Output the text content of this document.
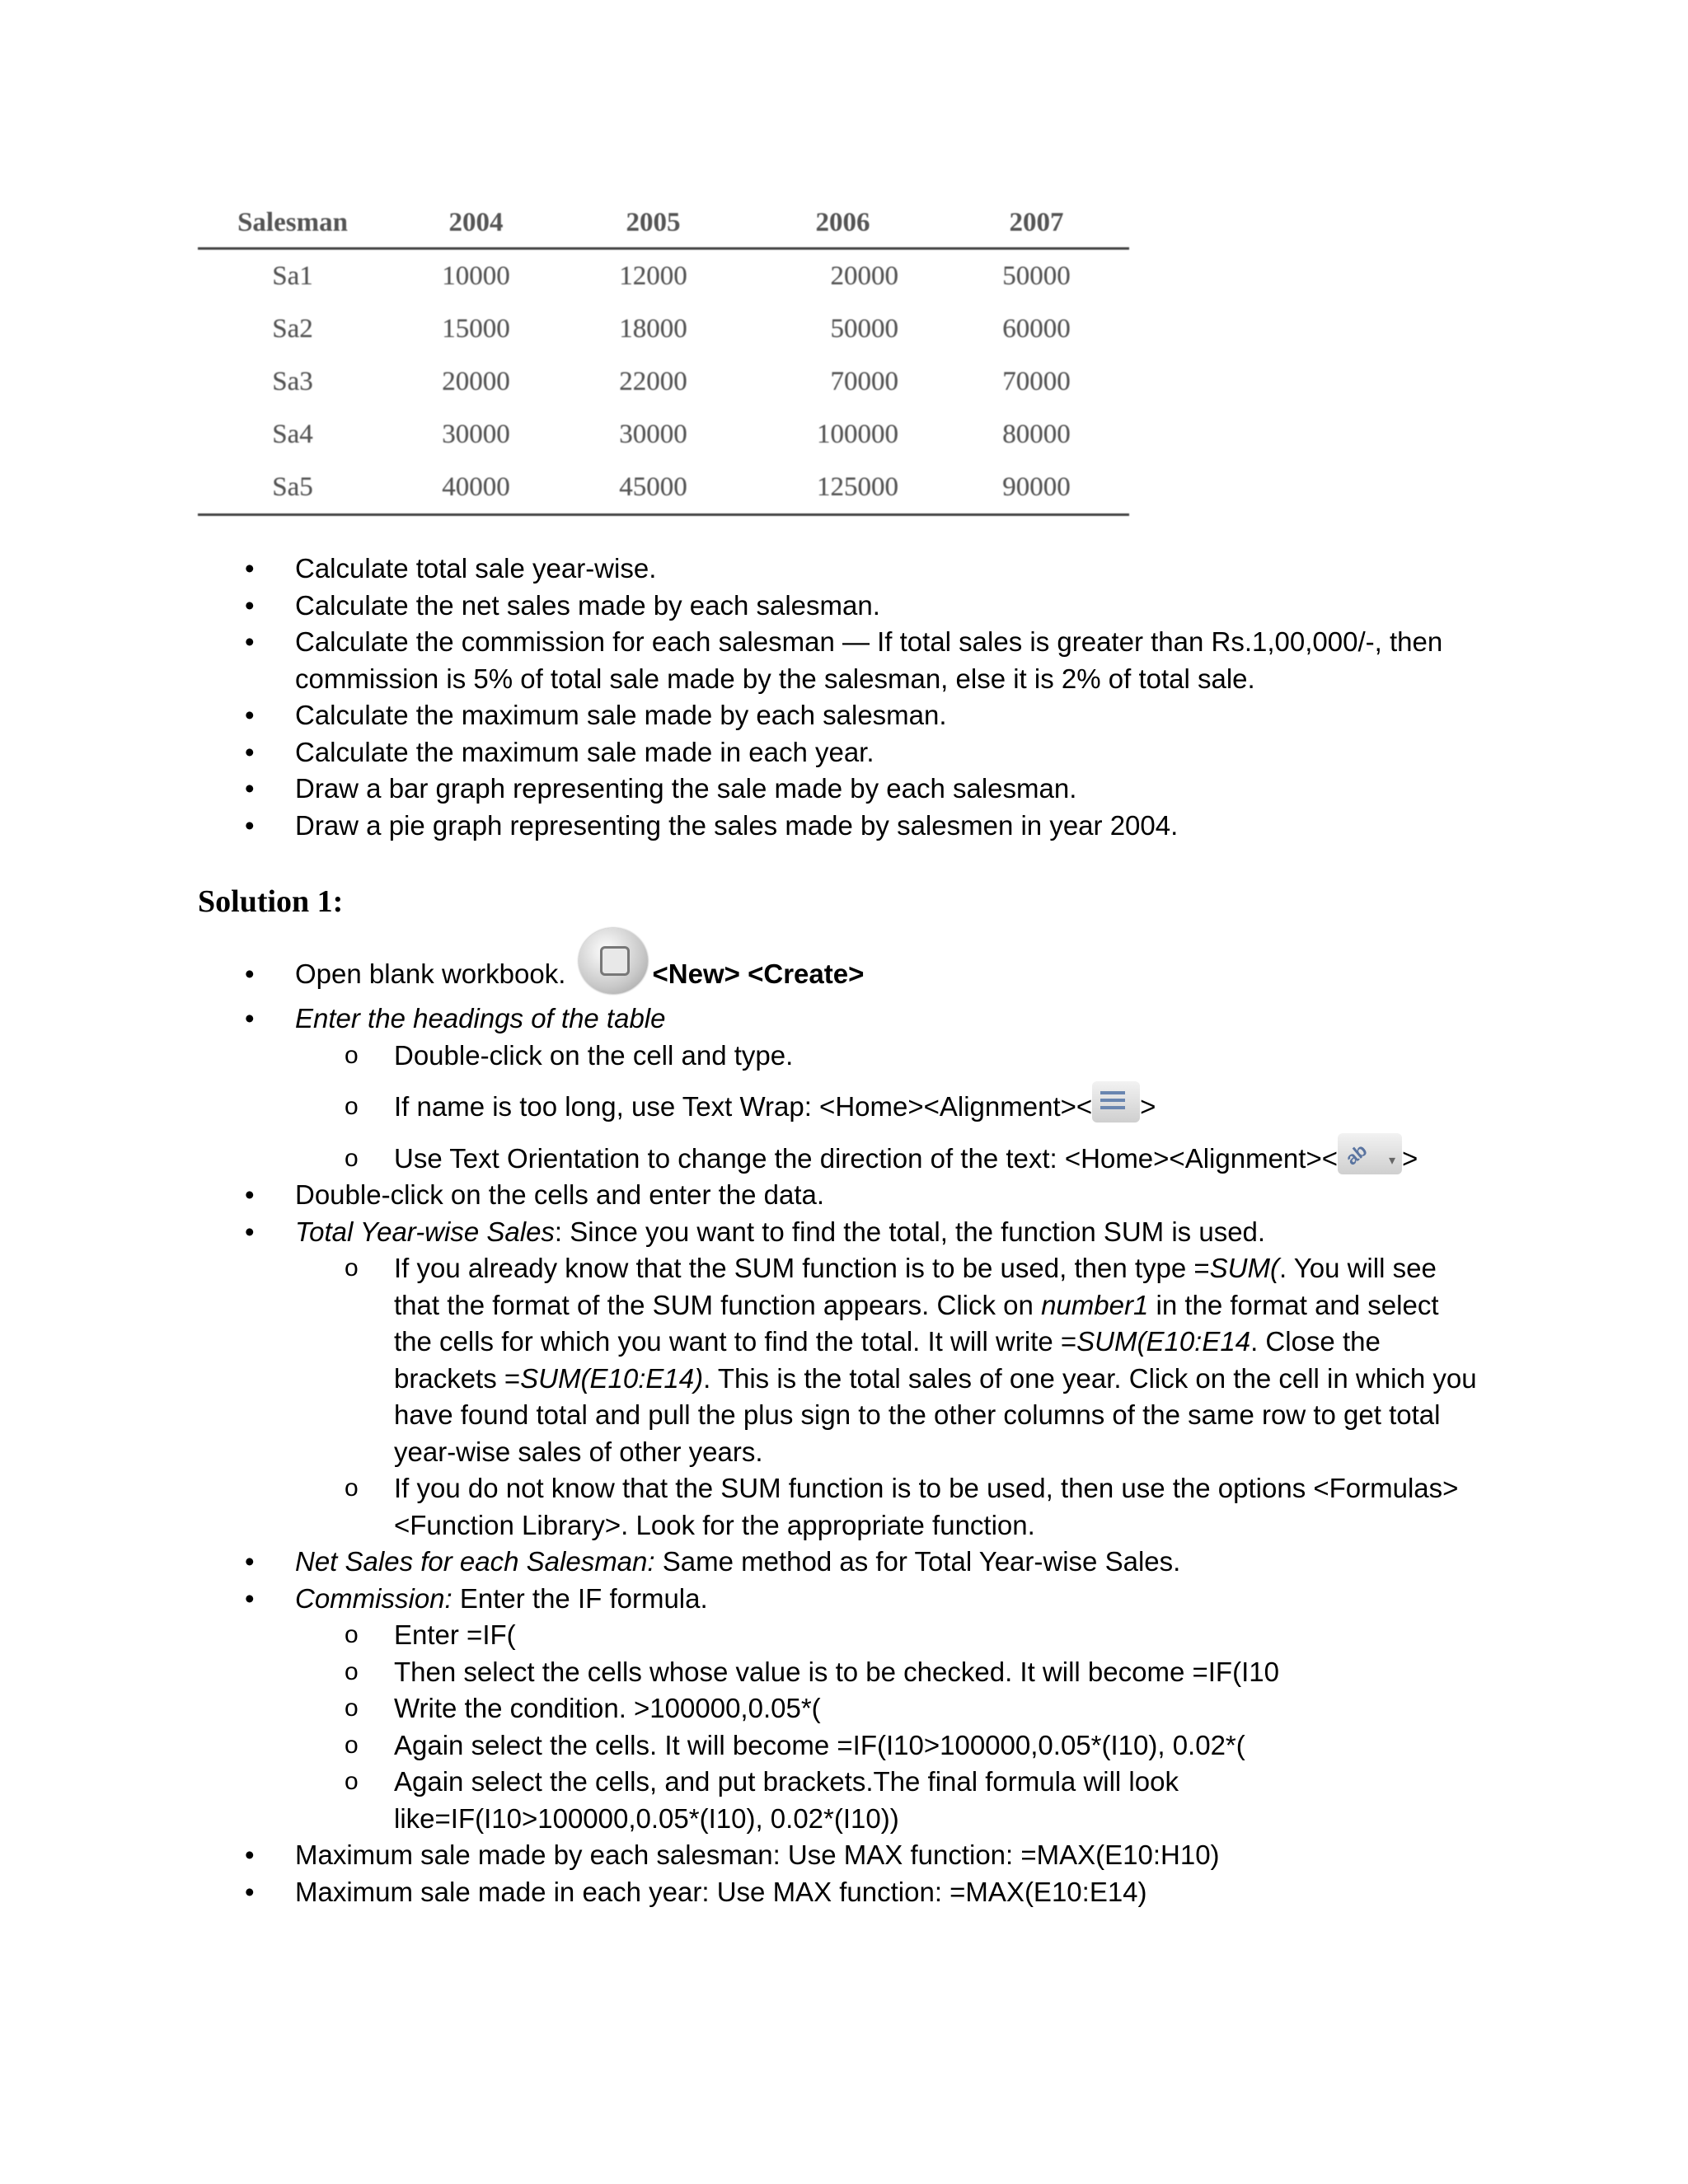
Salesman	2004	2005	2006	2007
Sa1	10000	12000	20000	50000
Sa2	15000	18000	50000	60000
Sa3	20000	22000	70000	70000
Sa4	30000	30000	100000	80000
Sa5	40000	45000	125000	90000
• Calculate total sale year-wise.
• Calculate the net sales made by each salesman.
• Calculate the commission for each salesman — If total sales is greater than Rs.1,00,000/-, then commission is 5% of total sale made by the salesman, else it is 2% of total sale.
• Calculate the maximum sale made by each salesman.
• Calculate the maximum sale made in each year.
• Draw a bar graph representing the sale made by each salesman.
• Draw a pie graph representing the sales made by salesmen in year 2004.
Solution 1:
• Open blank workbook.	<New> <Create>
• Enter the headings of the table
o Double-click on the cell and type.
o If name is too long, use Text Wrap: <Home><Alignment>< >
o Use Text Orientation to change the direction of the text: <Home><Alignment>< ab ▾ >
• Double-click on the cells and enter the data.
• Total Year-wise Sales: Since you want to find the total, the function SUM is used.
o If you already know that the SUM function is to be used, then type =SUM(. You will see that the format of the SUM function appears. Click on number1 in the format and select the cells for which you want to find the total. It will write =SUM(E10:E14. Close the brackets =SUM(E10:E14). This is the total sales of one year. Click on the cell in which you have found total and pull the plus sign to the other columns of the same row to get total year-wise sales of other years.
o If you do not know that the SUM function is to be used, then use the options <Formulas> <Function Library>. Look for the appropriate function.
• Net Sales for each Salesman: Same method as for Total Year-wise Sales.
• Commission: Enter the IF formula.
o Enter =IF(
o Then select the cells whose value is to be checked. It will become =IF(I10
o Write the condition. >100000,0.05*(
o Again select the cells. It will become =IF(I10>100000,0.05*(I10), 0.02*(
o Again select the cells, and put brackets.The final formula will look like=IF(I10>100000,0.05*(I10), 0.02*(I10))
• Maximum sale made by each salesman: Use MAX function: =MAX(E10:H10)
• Maximum sale made in each year: Use MAX function: =MAX(E10:E14)
